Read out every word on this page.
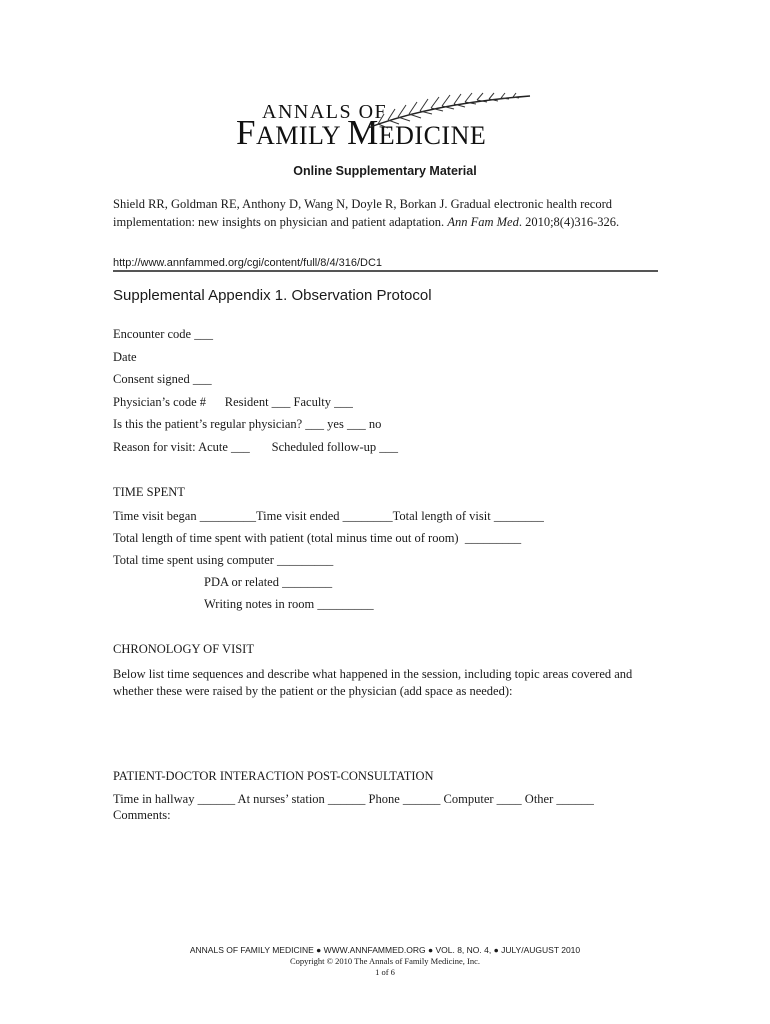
ANNALS OF
FAMILY MEDICINE
Online Supplementary Material
Shield RR, Goldman RE, Anthony D, Wang N, Doyle R, Borkan J. Gradual electronic health record implementation: new insights on physician and patient adaptation. Ann Fam Med. 2010;8(4)316-326.
http://www.annfammed.org/cgi/content/full/8/4/316/DC1
Supplemental Appendix 1. Observation Protocol
Encounter code ___
Date
Consent signed ___
Physician’s code #      Resident ___ Faculty ___
Is this the patient’s regular physician? ___ yes ___ no
Reason for visit: Acute ___       Scheduled follow-up ___
TIME SPENT
Time visit began _________Time visit ended ________Total length of visit ________
Total length of time spent with patient (total minus time out of room)  _________
Total time spent using computer _________
PDA or related ________
Writing notes in room _________
CHRONOLOGY OF VISIT
Below list time sequences and describe what happened in the session, including topic areas covered and whether these were raised by the patient or the physician (add space as needed):
PATIENT-DOCTOR INTERACTION POST-CONSULTATION
Time in hallway ______ At nurses’ station ______ Phone ______ Computer ____ Other ______
Comments:
ANNALS OF FAMILY MEDICINE ● WWW.ANNFAMMED.ORG ● VOL. 8, NO. 4, ● JULY/AUGUST 2010
Copyright © 2010 The Annals of Family Medicine, Inc.
1 of 6
